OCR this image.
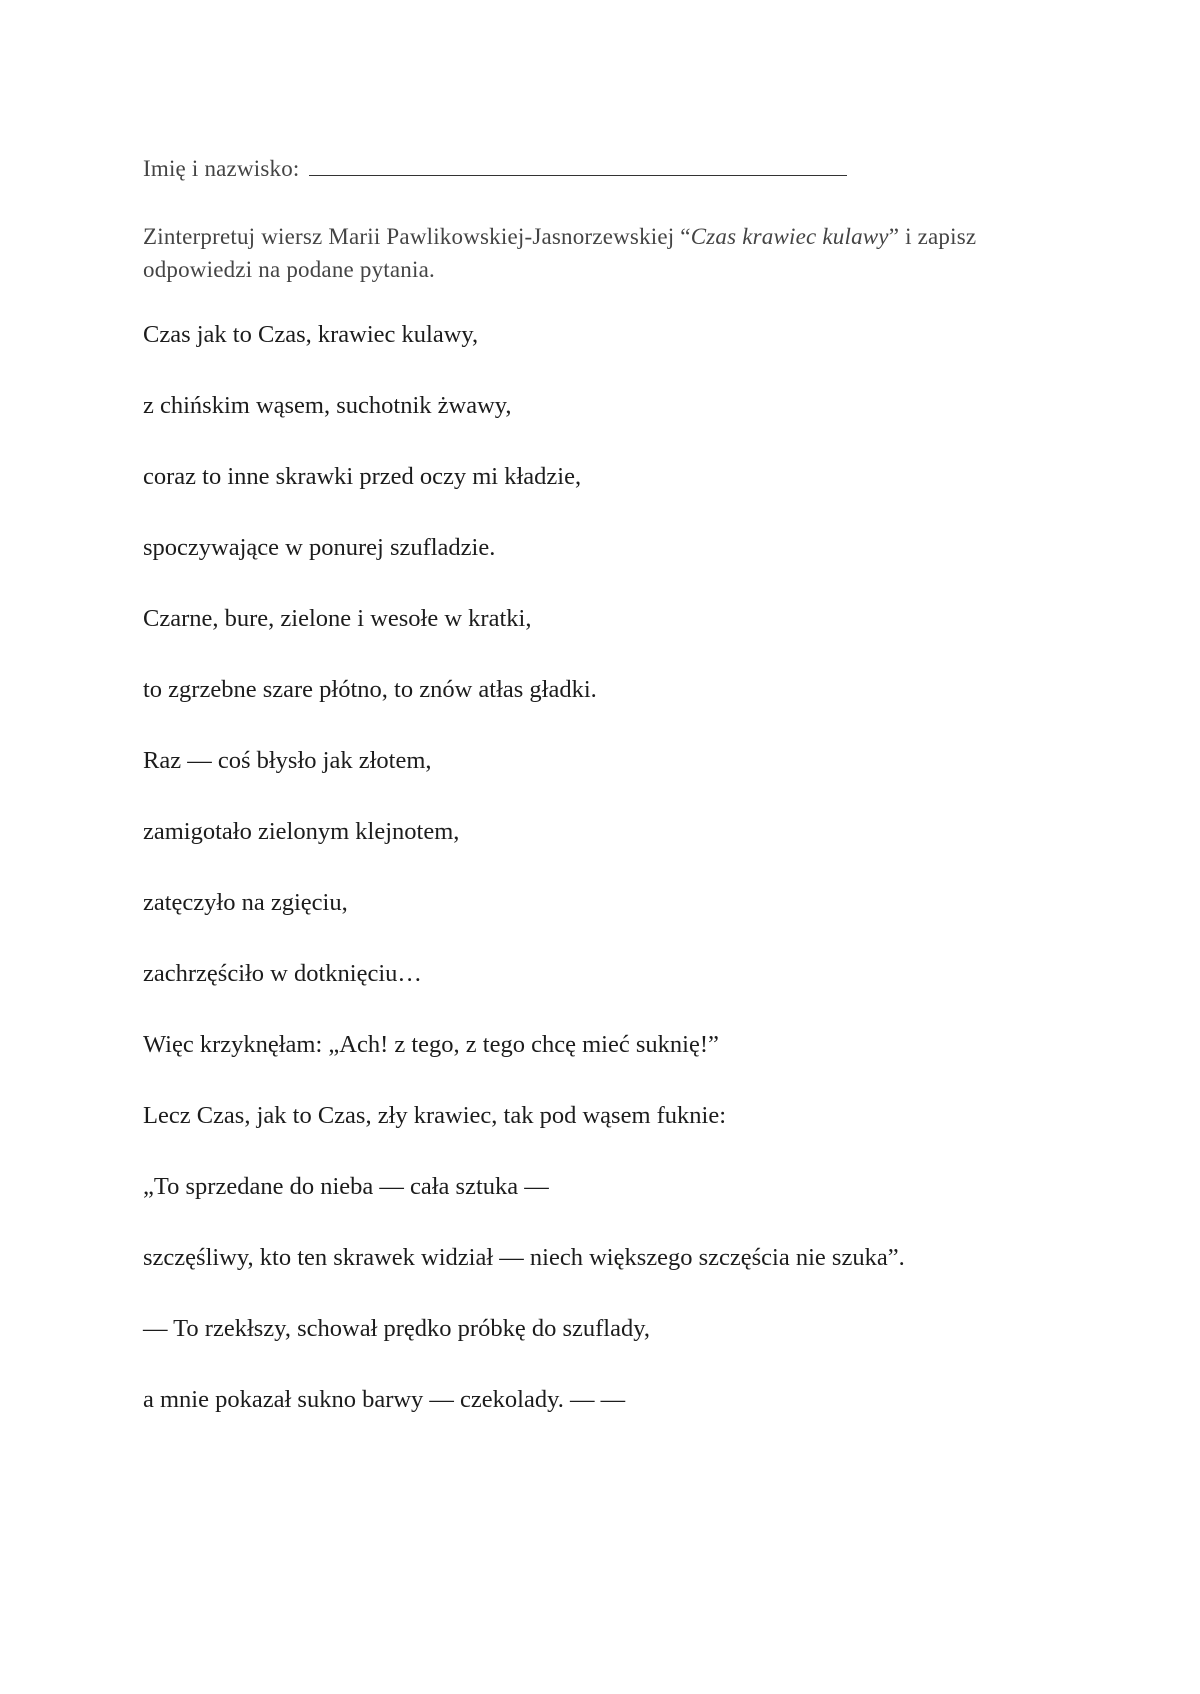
Imię i nazwisko:
Zinterpretuj wiersz Marii Pawlikowskiej-Jasnorzewskiej “Czas krawiec kulawy” i zapisz odpowiedzi na podane pytania.
Czas jak to Czas, krawiec kulawy,
z chińskim wąsem, suchotnik żwawy,
coraz to inne skrawki przed oczy mi kładzie,
spoczywające w ponurej szufladzie.
Czarne, bure, zielone i wesołe w kratki,
to zgrzebne szare płótno, to znów atłas gładki.
Raz — coś błysło jak złotem,
zamigotało zielonym klejnotem,
zatęczyło na zgięciu,
zachrzęściło w dotknięciu…
Więc krzyknęłam: „Ach! z tego, z tego chcę mieć suknię!”
Lecz Czas, jak to Czas, zły krawiec, tak pod wąsem fuknie:
„To sprzedane do nieba — cała sztuka —
szczęśliwy, kto ten skrawek widział — niech większego szczęścia nie szuka”.
— To rzekłszy, schował prędko próbkę do szuflady,
a mnie pokazał sukno barwy — czekolady. — —
